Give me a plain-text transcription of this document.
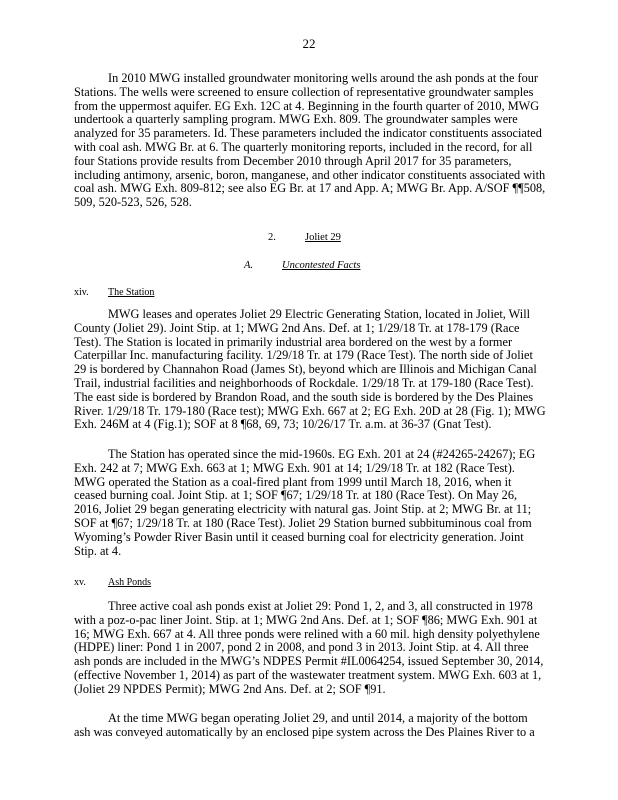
22

In 2010 MWG installed groundwater monitoring wells around the ash ponds at the four Stations. The wells were screened to ensure collection of representative groundwater samples from the uppermost aquifer. EG Exh. 12C at 4. Beginning in the fourth quarter of 2010, MWG undertook a quarterly sampling program. MWG Exh. 809. The groundwater samples were analyzed for 35 parameters. Id. These parameters included the indicator constituents associated with coal ash. MWG Br. at 6. The quarterly monitoring reports, included in the record, for all four Stations provide results from December 2010 through April 2017 for 35 parameters, including antimony, arsenic, boron, manganese, and other indicator constituents associated with coal ash. MWG Exh. 809-812; see also EG Br. at 17 and App. A; MWG Br. App. A/SOF ¶¶508, 509, 520-523, 526, 528.

2.	Joliet 29
A.	Uncontested Facts
xiv. The Station

MWG leases and operates Joliet 29 Electric Generating Station, located in Joliet, Will County (Joliet 29). Joint Stip. at 1; MWG 2nd Ans. Def. at 1; 1/29/18 Tr. at 178-179 (Race Test). The Station is located in primarily industrial area bordered on the west by a former Caterpillar Inc. manufacturing facility. 1/29/18 Tr. at 179 (Race Test). The north side of Joliet 29 is bordered by Channahon Road (James St), beyond which are Illinois and Michigan Canal Trail, industrial facilities and neighborhoods of Rockdale. 1/29/18 Tr. at 179-180 (Race Test). The east side is bordered by Brandon Road, and the south side is bordered by the Des Plaines River. 1/29/18 Tr. 179-180 (Race test); MWG Exh. 667 at 2; EG Exh. 20D at 28 (Fig. 1); MWG Exh. 246M at 4 (Fig.1); SOF at 8 ¶68, 69, 73; 10/26/17 Tr. a.m. at 36-37 (Gnat Test).

The Station has operated since the mid-1960s. EG Exh. 201 at 24 (#24265-24267); EG Exh. 242 at 7; MWG Exh. 663 at 1; MWG Exh. 901 at 14; 1/29/18 Tr. at 182 (Race Test). MWG operated the Station as a coal-fired plant from 1999 until March 18, 2016, when it ceased burning coal. Joint Stip. at 1; SOF ¶67; 1/29/18 Tr. at 180 (Race Test). On May 26, 2016, Joliet 29 began generating electricity with natural gas. Joint Stip. at 2; MWG Br. at 11; SOF at ¶67; 1/29/18 Tr. at 180 (Race Test). Joliet 29 Station burned subbituminous coal from Wyoming’s Powder River Basin until it ceased burning coal for electricity generation. Joint Stip. at 4.

xv. Ash Ponds

Three active coal ash ponds exist at Joliet 29: Pond 1, 2, and 3, all constructed in 1978 with a poz-o-pac liner Joint. Stip. at 1; MWG 2nd Ans. Def. at 1; SOF ¶86; MWG Exh. 901 at 16; MWG Exh. 667 at 4. All three ponds were relined with a 60 mil. high density polyethylene (HDPE) liner: Pond 1 in 2007, pond 2 in 2008, and pond 3 in 2013. Joint Stip. at 4. All three ash ponds are included in the MWG’s NDPES Permit #IL0064254, issued September 30, 2014, (effective November 1, 2014) as part of the wastewater treatment system. MWG Exh. 603 at 1, (Joliet 29 NPDES Permit); MWG 2nd Ans. Def. at 2; SOF ¶91.

At the time MWG began operating Joliet 29, and until 2014, a majority of the bottom ash was conveyed automatically by an enclosed pipe system across the Des Plaines River to a
